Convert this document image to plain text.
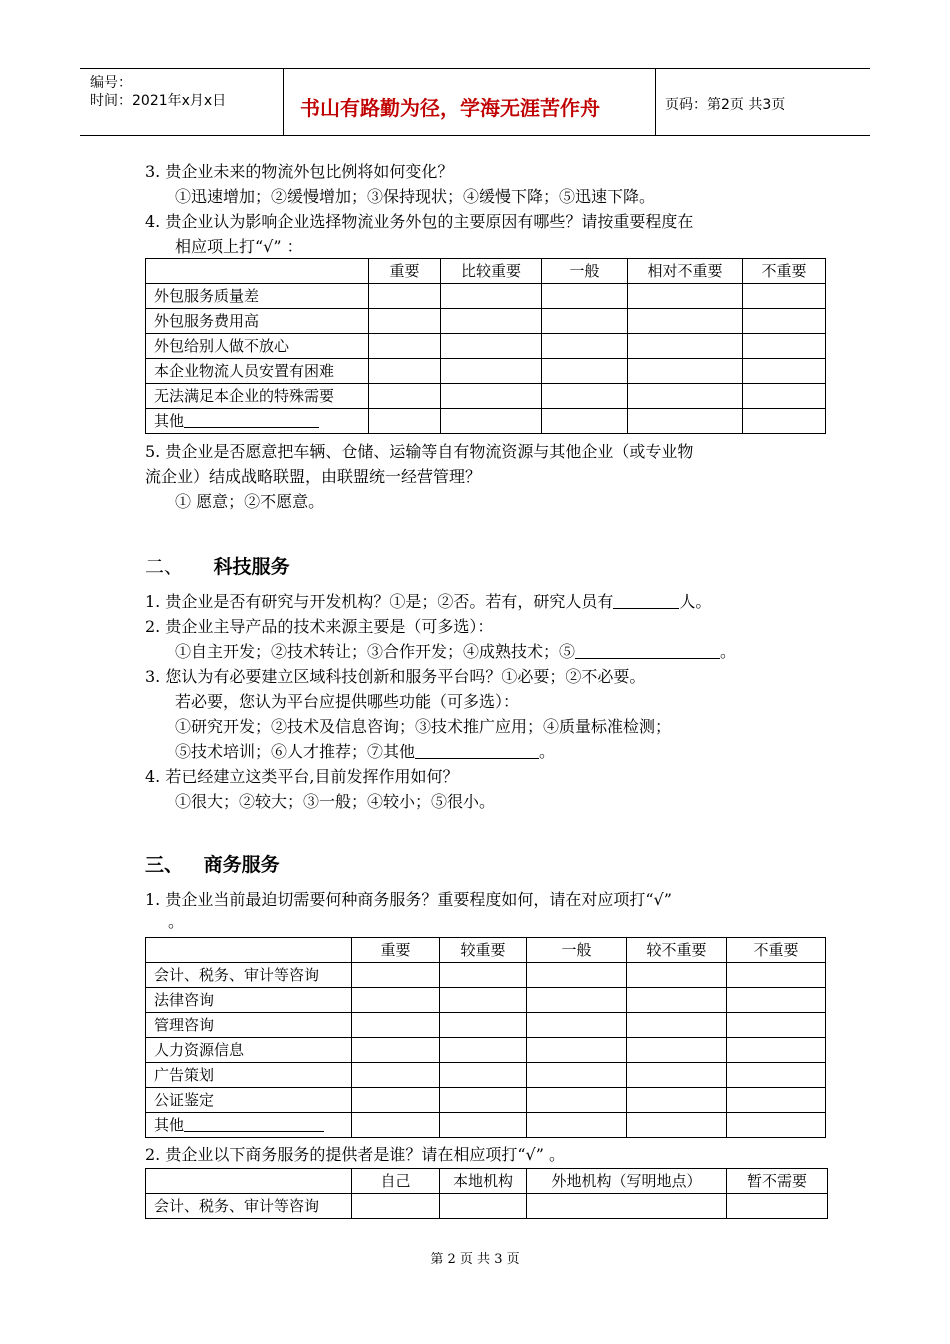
编号：
时间：2021年x月x日	书山有路勤为径，学海无涯苦作舟	页码：第2页 共3页
3. 贵企业未来的物流外包比例将如何变化？
①迅速增加；②缓慢增加；③保持现状；④缓慢下降；⑤迅速下降。
4. 贵企业认为影响企业选择物流业务外包的主要原因有哪些？请按重要程度在
相应项上打“√” ：
	重要	比较重要	一般	相对不重要	不重要
外包服务质量差					
外包服务费用高					
外包给别人做不放心					
本企业物流人员安置有困难					
无法满足本企业的特殊需要					
其他					
5. 贵企业是否愿意把车辆、仓储、运输等自有物流资源与其他企业（或专业物
流企业）结成战略联盟，由联盟统一经营管理？
① 愿意；②不愿意。
二、 科技服务
1. 贵企业是否有研究与开发机构？①是；②否。若有，研究人员有	人。
2. 贵企业主导产品的技术来源主要是（可多选）：
①自主开发；②技术转让；③合作开发；④成熟技术；⑤	。
3. 您认为有必要建立区域科技创新和服务平台吗？①必要；②不必要。
若必要，您认为平台应提供哪些功能（可多选）：
①研究开发；②技术及信息咨询；③技术推广应用；④质量标准检测；
⑤技术培训；⑥人才推荐；⑦其他	。
4. 若已经建立这类平台,目前发挥作用如何？
①很大；②较大；③一般；④较小；⑤很小。
三、 商务服务
1. 贵企业当前最迫切需要何种商务服务？重要程度如何，请在对应项打“√”
。
	重要	较重要	一般	较不重要	不重要
会计、税务、审计等咨询					
法律咨询					
管理咨询					
人力资源信息					
广告策划					
公证鉴定					
其他					
2. 贵企业以下商务服务的提供者是谁？请在相应项打“√” 。
	自己	本地机构	外地机构（写明地点）	暂不需要
会计、税务、审计等咨询				
第 2 页 共 3 页
